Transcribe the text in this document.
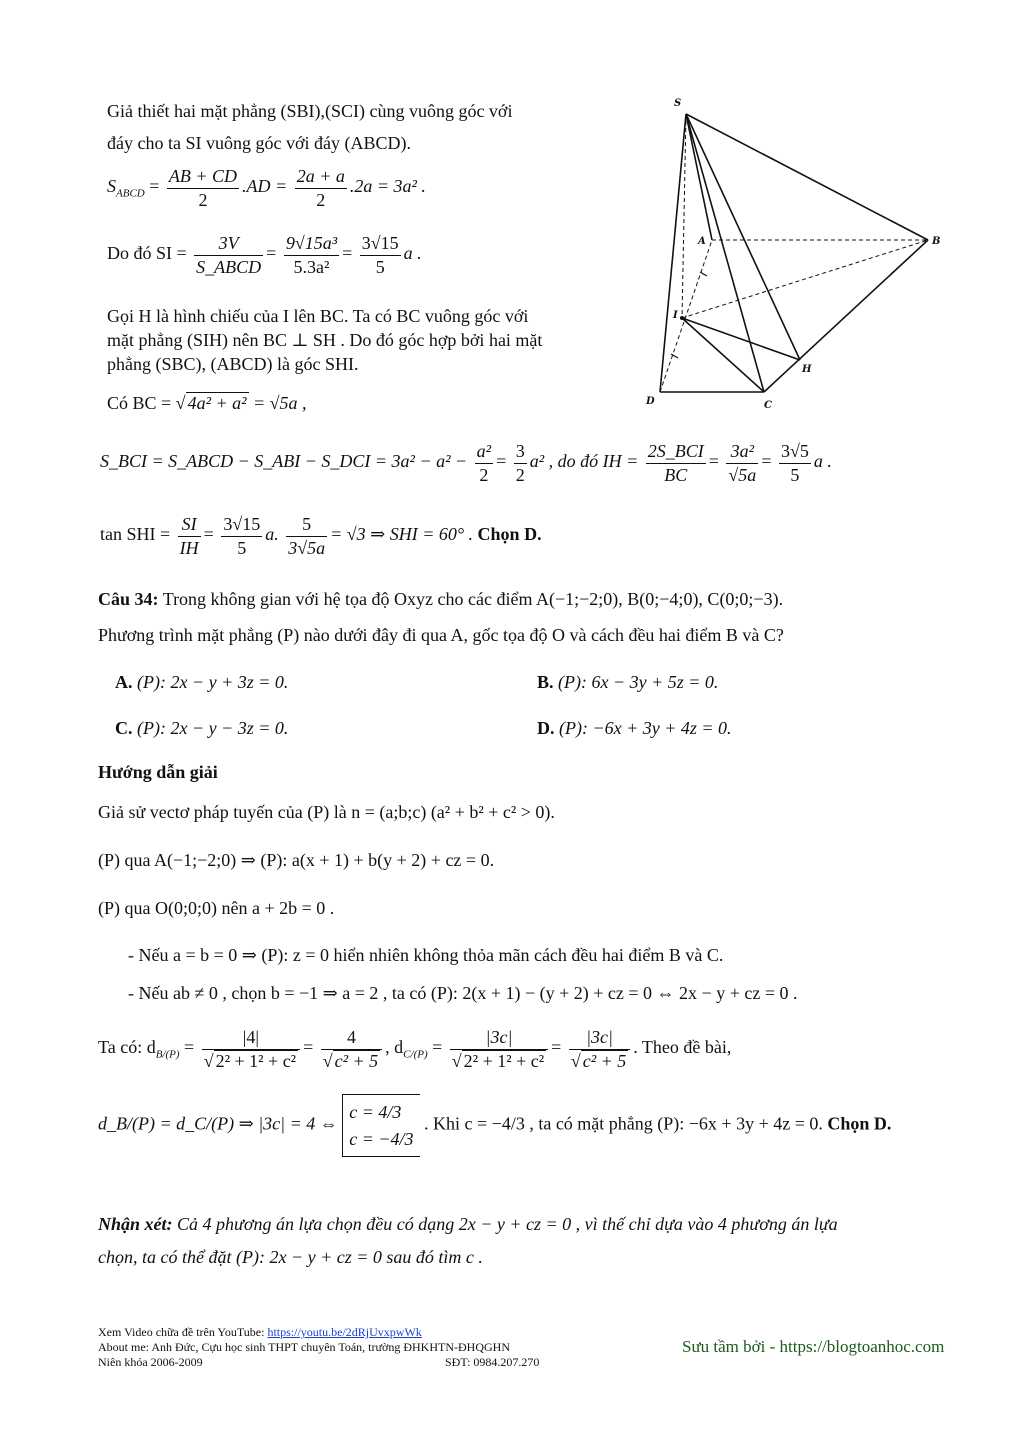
Giả thiết hai mặt phẳng (SBI),(SCI) cùng vuông góc với
đáy cho ta SI vuông góc với đáy (ABCD).
$S_{ABCD} = \frac{AB + CD}{2} .AD = \frac{2a + a}{2} .2a = 3a^2$ .
Do đó SI =
3V
S_ABCD
= $\frac{\text{9√15a³}}{\text{5.3a²}} = \frac{3√15}{5}$ a .
Gọi H là hình chiếu của I lên BC. Ta có BC vuông góc với
mặt phẳng (SIH) nên BC ⊥ SH . Do đó góc hợp bởi hai mặt
phẳng (SBC), (ABCD) là góc SHI.
Có BC = √ 4a² + a² = √5a ,
S_BCI = S_ABCD − S_ABI − S_DCI = $3a^2 - a^2 - \frac{\text{a²}}{2} = \frac{3}{2} a^2$ , do đó IH =
2S_BCI
BC
= $\frac{\text{3a²}}{√5a} = \frac{3√5}{5}$ a .
tan SHI = $\frac{SI}{IH} = \frac{3√15}{5} a$. $\frac{5}{3√5a} = √3$ ⇒ SHI = 60° . Chọn D.
S
A	B
I
H
D	C
Câu 34: Trong không gian với hệ tọa độ Oxyz cho các điểm A(−1;−2;0), B(0;−4;0), C(0;0;−3).
Phương trình mặt phẳng (P) nào dưới đây đi qua A, gốc tọa độ O và cách đều hai điểm B và C?
A. (P): 2x − y + 3z = 0.	B. (P): 6x − 3y + 5z = 0.
C. (P): 2x − y − 3z = 0.	D. (P): −6x + 3y + 4z = 0.
Hướng dẫn giải
Giả sử vectơ pháp tuyến của (P) là n = (a;b;c) (a² + b² + c² > 0).
(P) qua A(−1;−2;0) ⇒ (P): a(x + 1) + b(y + 2) + cz = 0.
(P) qua O(0;0;0) nên a + 2b = 0 .
- Nếu a = b = 0 ⇒ (P): z = 0 hiển nhiên không thỏa mãn cách đều hai điểm B và C.
- Nếu ab ≠ 0 , chọn b = −1 ⇒ a = 2 , ta có (P): 2(x + 1) − (y + 2) + cz = 0 ⇔ 2x − y + cz = 0 .
Ta có: $d_{B/(P)} = \frac{|4|}{\text{√ 2² + 1² + c²}} = \frac{4}{\text{√ c² + 5}}$ , $d_{C/(P)} = \frac{|3c|}{\text{√ 2² + 1² + c²}} = \frac{|3c|}{\text{√ c² + 5}}$ . Theo đề bài,
d_B/(P) = d_C/(P) ⇒ |3c| = 4 ⇔
c = 4/3
c = −4/3
. Khi c = −4/3 , ta có mặt phẳng (P): −6x + 3y + 4z = 0. Chọn D.
Nhận xét: Cả 4 phương án lựa chọn đều có dạng 2x − y + cz = 0 , vì thế chỉ dựa vào 4 phương án lựa
chọn, ta có thể đặt (P): 2x − y + cz = 0 sau đó tìm c .
Xem Video chữa đề trên YouTube: https://youtu.be/2dRjUvxpwWk
About me: Anh Đức, Cựu học sinh THPT chuyên Toán, trường ĐHKHTN-ĐHQGHN
Niên khóa 2006-2009	SĐT: 0984.207.270
Sưu tầm bởi - https://blogtoanhoc.com
